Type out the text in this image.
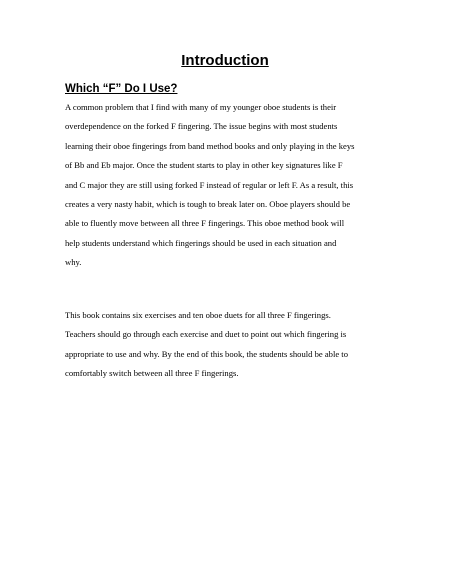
Introduction
Which “F” Do I Use?

A common problem that I find with many of my younger oboe students is their
overdependence on the forked F fingering. The issue begins with most students
learning their oboe fingerings from band method books and only playing in the keys
of Bb and Eb major. Once the student starts to play in other key signatures like F
and C major they are still using forked F instead of regular or left F. As a result, this
creates a very nasty habit, which is tough to break later on. Oboe players should be
able to fluently move between all three F fingerings. This oboe method book will
help students understand which fingerings should be used in each situation and
why.

This book contains six exercises and ten oboe duets for all three F fingerings.
Teachers should go through each exercise and duet to point out which fingering is
appropriate to use and why. By the end of this book, the students should be able to
comfortably switch between all three F fingerings.
